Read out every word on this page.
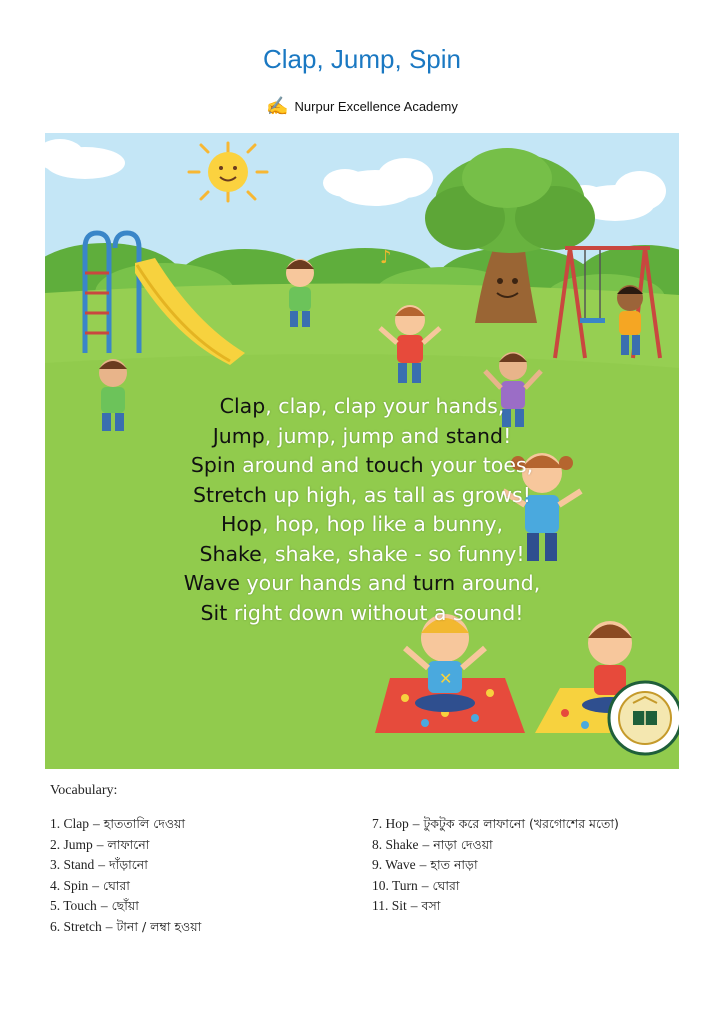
Clap, Jump, Spin
✍ Nurpur Excellence Academy
♪
✕
Clap, clap, clap your hands,
Jump, jump, jump and stand!
Spin around and touch your toes,
Stretch up high, as tall as grows!
Hop, hop, hop like a bunny,
Shake, shake, shake - so funny!
Wave your hands and turn around,
Sit right down without a sound!
Vocabulary:
1. Clap – হাততালি দেওয়া
2. Jump – লাফানো
3. Stand – দাঁড়ানো
4. Spin – ঘোরা
5. Touch – ছোঁয়া
6. Stretch – টানা / লম্বা হওয়া
7. Hop – টুকটুক করে লাফানো (খরগোশের মতো)
8. Shake – নাড়া দেওয়া
9. Wave – হাত নাড়া
10. Turn – ঘোরা
11. Sit – বসা
